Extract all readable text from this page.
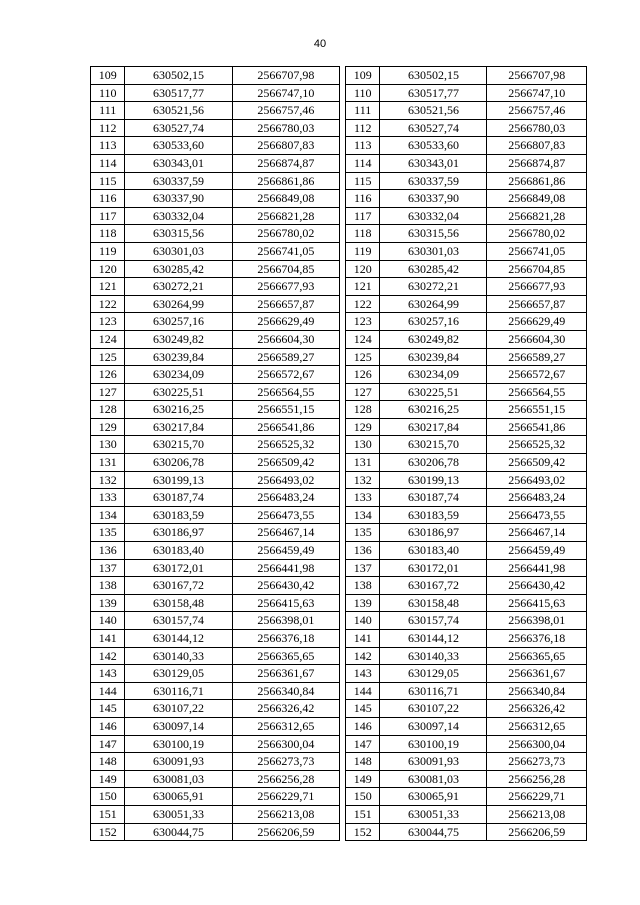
40
109	630502,15	2566707,98
110	630517,77	2566747,10
111	630521,56	2566757,46
112	630527,74	2566780,03
113	630533,60	2566807,83
114	630343,01	2566874,87
115	630337,59	2566861,86
116	630337,90	2566849,08
117	630332,04	2566821,28
118	630315,56	2566780,02
119	630301,03	2566741,05
120	630285,42	2566704,85
121	630272,21	2566677,93
122	630264,99	2566657,87
123	630257,16	2566629,49
124	630249,82	2566604,30
125	630239,84	2566589,27
126	630234,09	2566572,67
127	630225,51	2566564,55
128	630216,25	2566551,15
129	630217,84	2566541,86
130	630215,70	2566525,32
131	630206,78	2566509,42
132	630199,13	2566493,02
133	630187,74	2566483,24
134	630183,59	2566473,55
135	630186,97	2566467,14
136	630183,40	2566459,49
137	630172,01	2566441,98
138	630167,72	2566430,42
139	630158,48	2566415,63
140	630157,74	2566398,01
141	630144,12	2566376,18
142	630140,33	2566365,65
143	630129,05	2566361,67
144	630116,71	2566340,84
145	630107,22	2566326,42
146	630097,14	2566312,65
147	630100,19	2566300,04
148	630091,93	2566273,73
149	630081,03	2566256,28
150	630065,91	2566229,71
151	630051,33	2566213,08
152	630044,75	2566206,59
109	630502,15	2566707,98
110	630517,77	2566747,10
111	630521,56	2566757,46
112	630527,74	2566780,03
113	630533,60	2566807,83
114	630343,01	2566874,87
115	630337,59	2566861,86
116	630337,90	2566849,08
117	630332,04	2566821,28
118	630315,56	2566780,02
119	630301,03	2566741,05
120	630285,42	2566704,85
121	630272,21	2566677,93
122	630264,99	2566657,87
123	630257,16	2566629,49
124	630249,82	2566604,30
125	630239,84	2566589,27
126	630234,09	2566572,67
127	630225,51	2566564,55
128	630216,25	2566551,15
129	630217,84	2566541,86
130	630215,70	2566525,32
131	630206,78	2566509,42
132	630199,13	2566493,02
133	630187,74	2566483,24
134	630183,59	2566473,55
135	630186,97	2566467,14
136	630183,40	2566459,49
137	630172,01	2566441,98
138	630167,72	2566430,42
139	630158,48	2566415,63
140	630157,74	2566398,01
141	630144,12	2566376,18
142	630140,33	2566365,65
143	630129,05	2566361,67
144	630116,71	2566340,84
145	630107,22	2566326,42
146	630097,14	2566312,65
147	630100,19	2566300,04
148	630091,93	2566273,73
149	630081,03	2566256,28
150	630065,91	2566229,71
151	630051,33	2566213,08
152	630044,75	2566206,59
